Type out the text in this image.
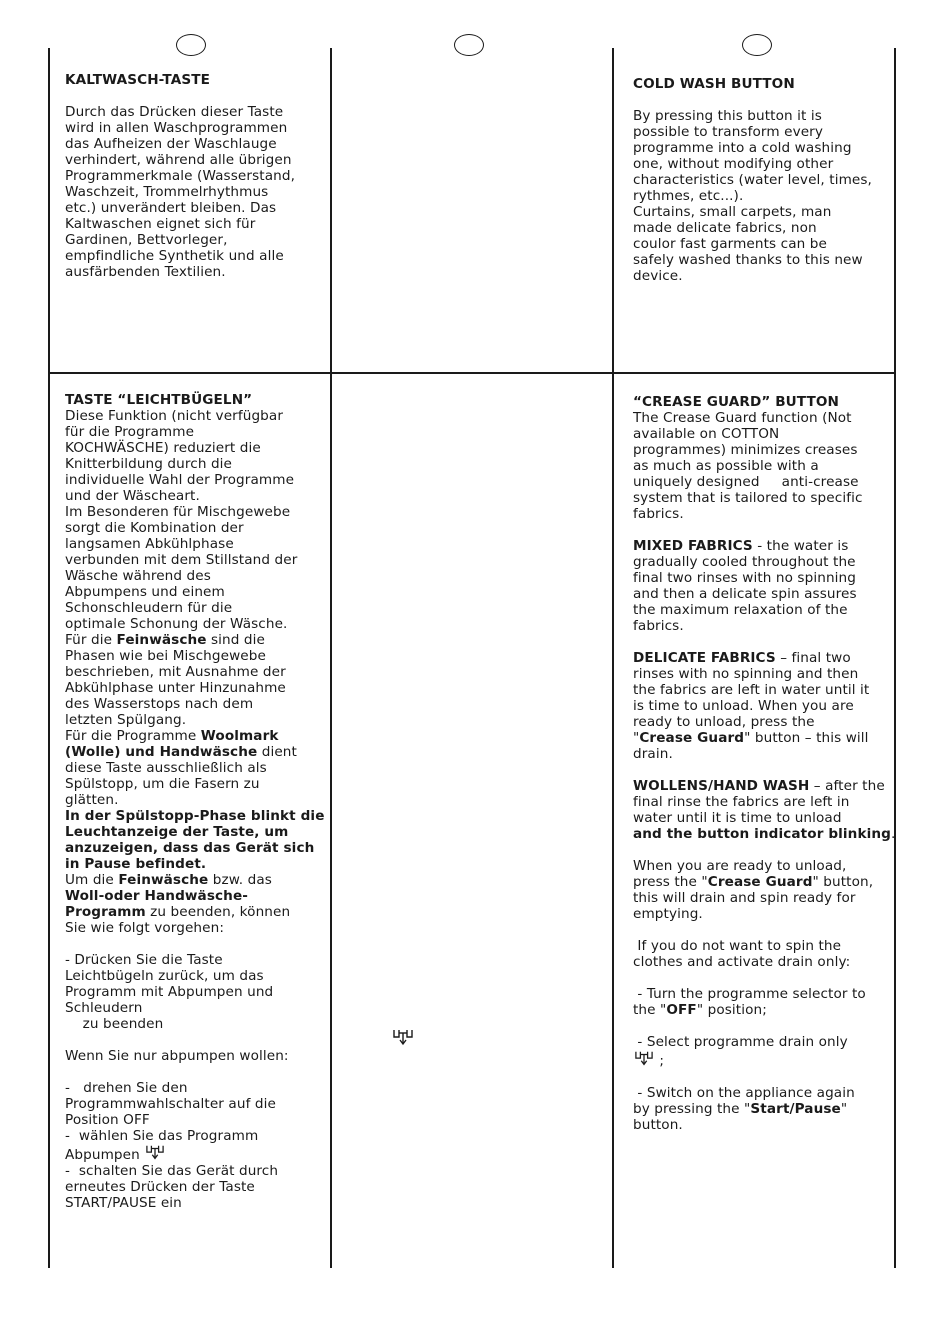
KALTWASCH-TASTE

Durch das Drücken dieser Taste

wird in allen Waschprogrammen

das Aufheizen der Waschlauge

verhindert, während alle übrigen

Programmerkmale (Wasserstand,

Waschzeit, Trommelrhythmus

etc.) unverändert bleiben. Das

Kaltwaschen eignet sich für

Gardinen, Bettvorleger,

empfindliche Synthetik und alle

ausfärbenden Textilien.

TASTE “LEICHTBÜGELN”

Diese Funktion (nicht verfügbar

für die Programme

KOCHWÄSCHE) reduziert die

Knitterbildung durch die

individuelle Wahl der Programme

und der Wäscheart.

Im Besonderen für Mischgewebe

sorgt die Kombination der

langsamen Abkühlphase

verbunden mit dem Stillstand der

Wäsche während des

Abpumpens und einem

Schonschleudern für die

optimale Schonung der Wäsche.

Für die Feinwäsche sind die

Phasen wie bei Mischgewebe

beschrieben, mit Ausnahme der

Abkühlphase unter Hinzunahme

des Wasserstops nach dem

letzten Spülgang.

Für die Programme Woolmark

(Wolle) und Handwäsche dient

diese Taste ausschließlich als

Spülstopp, um die Fasern zu

glätten.

In der Spülstopp-Phase blinkt die

Leuchtanzeige der Taste, um

anzuzeigen, dass das Gerät sich

in Pause befindet.

Um die Feinwäsche bzw. das

Woll-oder Handwäsche-

Programm zu beenden, können

Sie wie folgt vorgehen:

- Drücken Sie die Taste

Leichtbügeln zurück, um das

Programm mit Abpumpen und

Schleudern

zu beenden

Wenn Sie nur abpumpen wollen:

-   drehen Sie den

Programmwahlschalter auf die

Position OFF

-  wählen Sie das Programm

Abpumpen

-  schalten Sie das Gerät durch

erneutes Drücken der Taste

START/PAUSE ein

COLD WASH BUTTON

By pressing this button it is

possible to transform every

programme into a cold washing

one, without modifying other

characteristics (water level, times,

rythmes, etc...).

Curtains, small carpets, man

made delicate fabrics, non

coulor fast garments can be

safely washed thanks to this new

device.

“CREASE GUARD” BUTTON

The Crease Guard function (Not

available on COTTON

programmes) minimizes creases

as much as possible with a

uniquely designed     anti-crease

system that is tailored to specific

fabrics.

MIXED FABRICS - the water is

gradually cooled throughout the

final two rinses with no spinning

and then a delicate spin assures

the maximum relaxation of the

fabrics.

DELICATE FABRICS – final two

rinses with no spinning and then

the fabrics are left in water until it

is time to unload. When you are

ready to unload, press the

"Crease Guard" button – this will

drain.

WOLLENS/HAND WASH – after the

final rinse the fabrics are left in

water until it is time to unload

and the button indicator blinking.

When you are ready to unload,

press the "Crease Guard" button,

this will drain and spin ready for

emptying.

If you do not want to spin the

clothes and activate drain only:

- Turn the programme selector to

the "OFF" position;

- Select programme drain only

;

- Switch on the appliance again

by pressing the "Start/Pause"

button.
